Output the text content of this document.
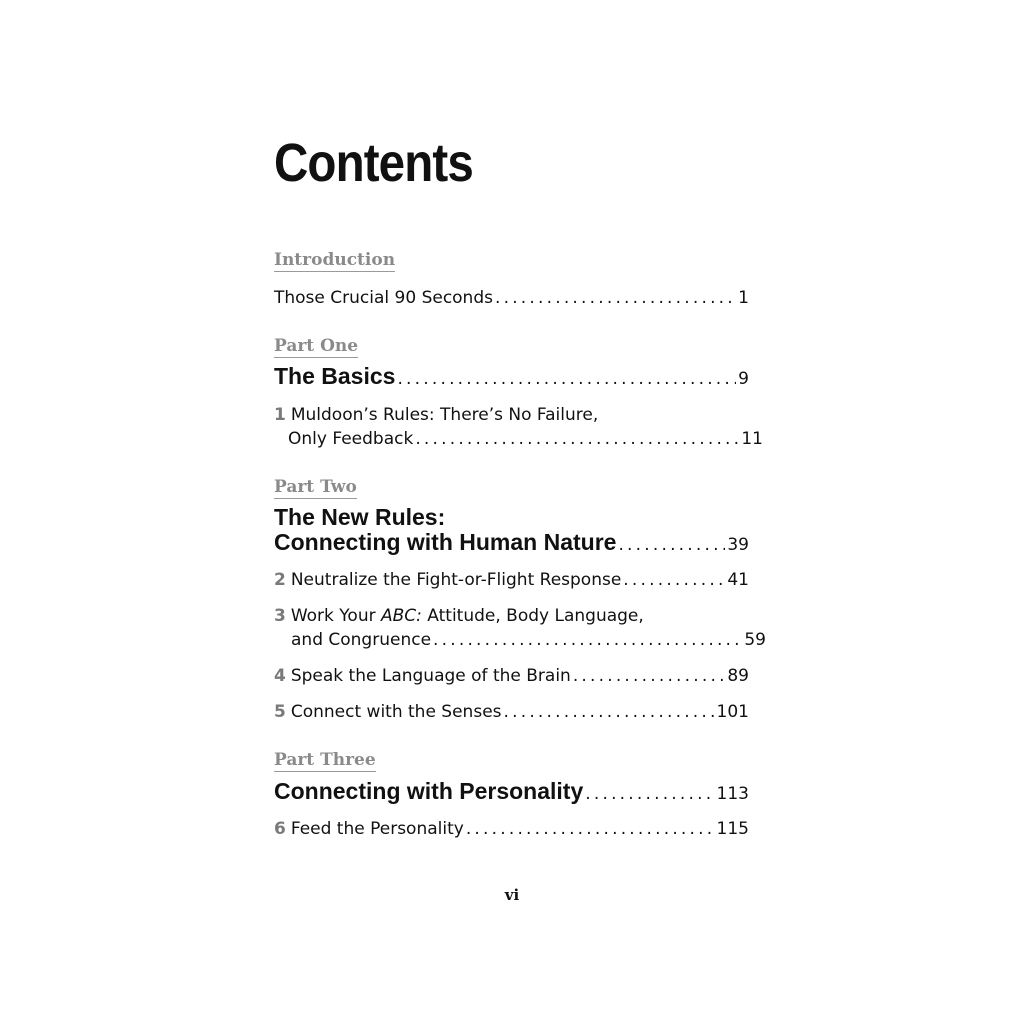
Contents
Introduction
Those Crucial 90 Seconds .....	1
Part One
The Basics .....	9
1 Muldoon’s Rules: There’s No Failure,
Only Feedback .....	11
Part Two
The New Rules:
Connecting with Human Nature .....	39
2 Neutralize the Fight-or-Flight Response .....	41
3 Work Your ABC: Attitude, Body Language,
and Congruence .....	59
4 Speak the Language of the Brain .....	89
5 Connect with the Senses .....	101
Part Three
Connecting with Personality .....	113
6 Feed the Personality .....	115
vi
